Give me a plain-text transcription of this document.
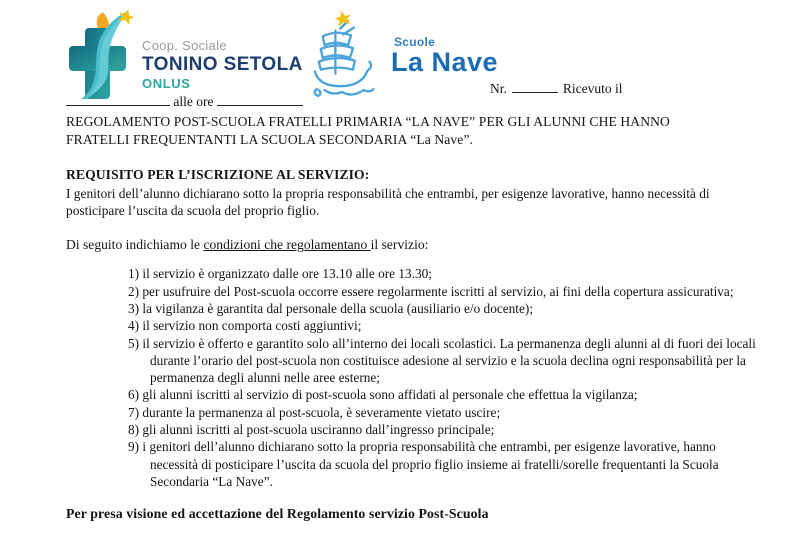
Coop. Sociale
TONINO SETOLA
ONLUS
Scuole
La Nave
Nr.	Ricevuto il
alle ore
REGOLAMENTO POST-SCUOLA FRATELLI PRIMARIA “LA NAVE” PER GLI ALUNNI CHE HANNO FRATELLI FREQUENTANTI LA SCUOLA SECONDARIA “La Nave”.
REQUISITO PER L’ISCRIZIONE AL SERVIZIO:
I genitori dell’alunno dichiarano sotto la propria responsabilità che entrambi, per esigenze lavorative, hanno necessità di posticipare l’uscita da scuola del proprio figlio.
Di seguito indichiamo le condizioni che regolamentano il servizio:
1) il servizio è organizzato dalle ore 13.10 alle ore 13.30;
2) per usufruire del Post-scuola occorre essere regolarmente iscritti al servizio, ai fini della copertura assicurativa;
3) la vigilanza è garantita dal personale della scuola (ausiliario e/o docente);
4) il servizio non comporta costi aggiuntivi;
5) il servizio è offerto e garantito solo all’interno dei locali scolastici. La permanenza degli alunni al di fuori dei locali durante l’orario del post-scuola non costituisce adesione al servizio e la scuola declina ogni responsabilità per la permanenza degli alunni nelle aree esterne;
6) gli alunni iscritti al servizio di post-scuola sono affidati al personale che effettua la vigilanza;
7) durante la permanenza al post-scuola, è severamente vietato uscire;
8) gli alunni iscritti al post-scuola usciranno dall’ingresso principale;
9) i genitori dell’alunno dichiarano sotto la propria responsabilità che entrambi, per esigenze lavorative, hanno necessità di posticipare l’uscita da scuola del proprio figlio insieme ai fratelli/sorelle frequentanti la Scuola Secondaria “La Nave”.
Per presa visione ed accettazione del Regolamento servizio Post-Scuola
